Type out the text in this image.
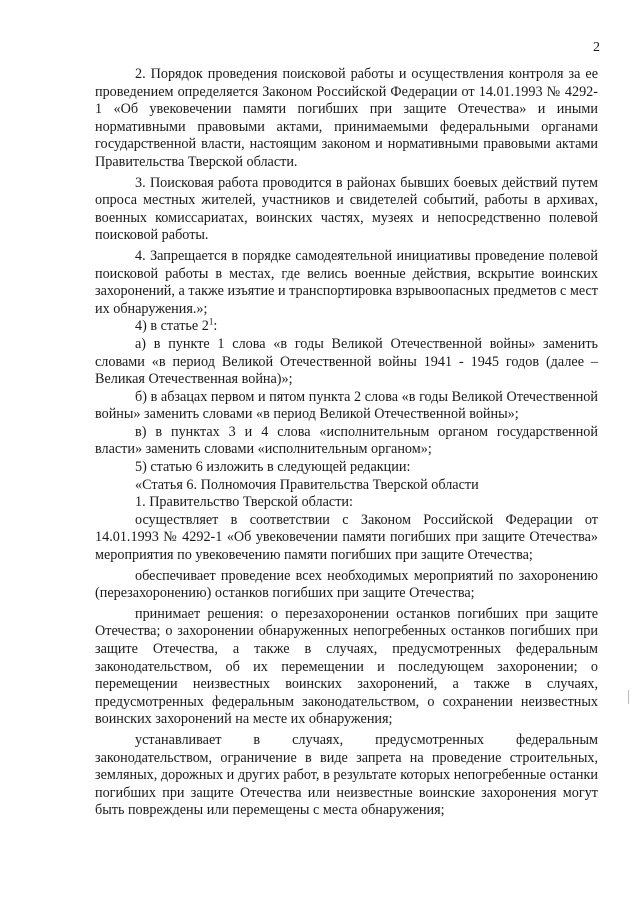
2

2. Порядок проведения поисковой работы и осуществления контроля за ее проведением определяется Законом Российской Федерации от 14.01.1993 № 4292-1 «Об увековечении памяти погибших при защите Отечества» и иными нормативными правовыми актами, принимаемыми федеральными органами государственной власти, настоящим законом и нормативными правовыми актами Правительства Тверской области.

3. Поисковая работа проводится в районах бывших боевых действий путем опроса местных жителей, участников и свидетелей событий, работы в архивах, военных комиссариатах, воинских частях, музеях и непосредственно полевой поисковой работы.

4. Запрещается в порядке самодеятельной инициативы проведение полевой поисковой работы в местах, где велись военные действия, вскрытие воинских захоронений, а также изъятие и транспортировка взрывоопасных предметов с мест их обнаружения.»;

4) в статье $2^1$:

а) в пункте 1 слова «в годы Великой Отечественной войны» заменить словами «в период Великой Отечественной войны 1941 - 1945 годов (далее – Великая Отечественная война)»;

б) в абзацах первом и пятом пункта 2 слова «в годы Великой Отечественной войны» заменить словами «в период Великой Отечественной войны»;

в) в пунктах 3 и 4 слова «исполнительным органом государственной власти» заменить словами «исполнительным органом»;

5) статью 6 изложить в следующей редакции:

«Статья 6. Полномочия Правительства Тверской области

1. Правительство Тверской области:

осуществляет в соответствии с Законом Российской Федерации от 14.01.1993 № 4292-1 «Об увековечении памяти погибших при защите Отечества» мероприятия по увековечению памяти погибших при защите Отечества;

обеспечивает проведение всех необходимых мероприятий по захоронению (перезахоронению) останков погибших при защите Отечества;

принимает решения: о перезахоронении останков погибших при защите Отечества; о захоронении обнаруженных непогребенных останков погибших при защите Отечества, а также в случаях, предусмотренных федеральным законодательством, об их перемещении и последующем захоронении; о перемещении неизвестных воинских захоронений, а также в случаях, предусмотренных федеральным законодательством, о сохранении неизвестных воинских захоронений на месте их обнаружения;

устанавливает в случаях, предусмотренных федеральным законодательством, ограничение в виде запрета на проведение строительных, земляных, дорожных и других работ, в результате которых непогребенные останки погибших при защите Отечества или неизвестные воинские захоронения могут быть повреждены или перемещены с места обнаружения;
